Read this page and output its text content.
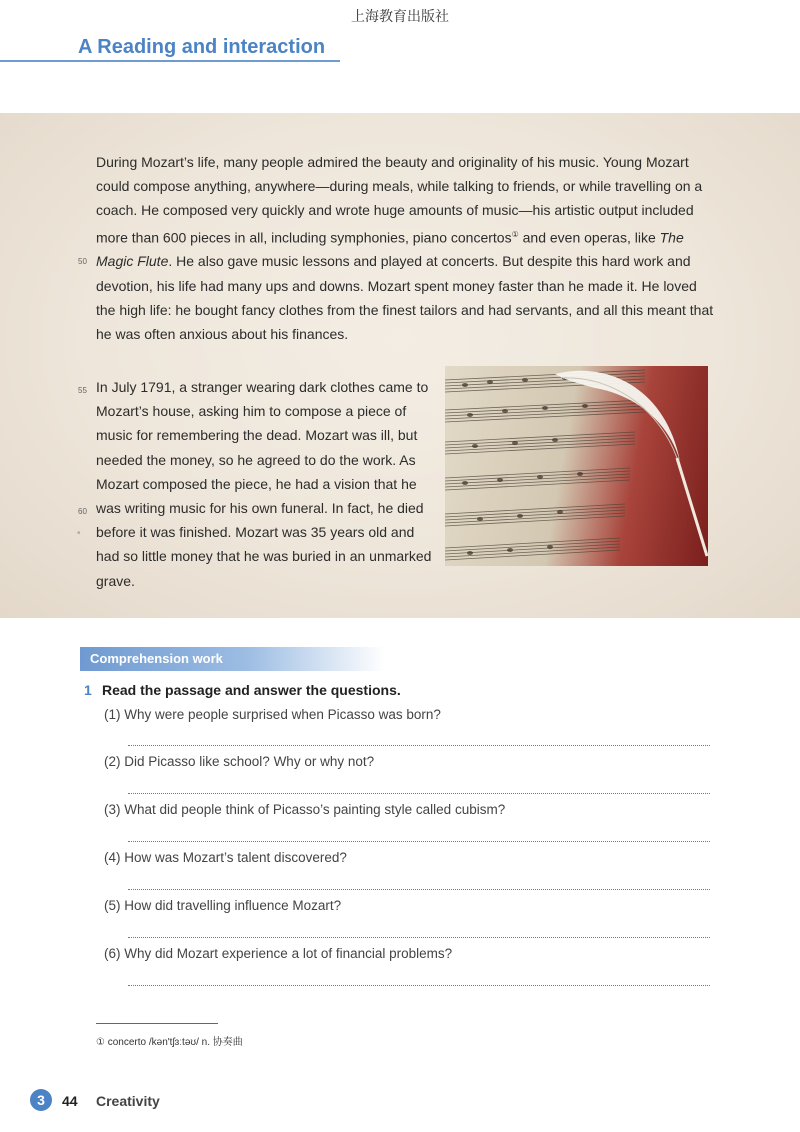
上海教育出版社
A Reading and interaction

During Mozart’s life, many people admired the beauty and originality of his music. Young Mozart could compose anything, anywhere—during meals, while talking to friends, or while travelling on a coach. He composed very quickly and wrote huge amounts of music—his artistic output included more than 600 pieces in all, including symphonies, piano concertos① and even operas, like The Magic Flute. He also gave music lessons and played at concerts. But despite this hard work and devotion, his life had many ups and downs. Mozart spent money faster than he made it. He loved the high life: he bought fancy clothes from the finest tailors and had servants, and all this meant that he was often anxious about his finances.

In July 1791, a stranger wearing dark clothes came to Mozart’s house, asking him to compose a piece of music for remembering the dead. Mozart was ill, but needed the money, so he agreed to do the work. As Mozart composed the piece, he had a vision that he was writing music for his own funeral. In fact, he died before it was finished. Mozart was 35 years old and had so little money that he was buried in an unmarked grave.

50
55
60
•
Comprehension work
1 Read the passage and answer the questions.
(1) Why were people surprised when Picasso was born?
(2) Did Picasso like school? Why or why not?
(3) What did people think of Picasso’s painting style called cubism?
(4) How was Mozart’s talent discovered?
(5) How did travelling influence Mozart?
(6) Why did Mozart experience a lot of financial problems?
① concerto /kən'tʃɜːtəʊ/ n. 协奏曲
3	44 Creativity
